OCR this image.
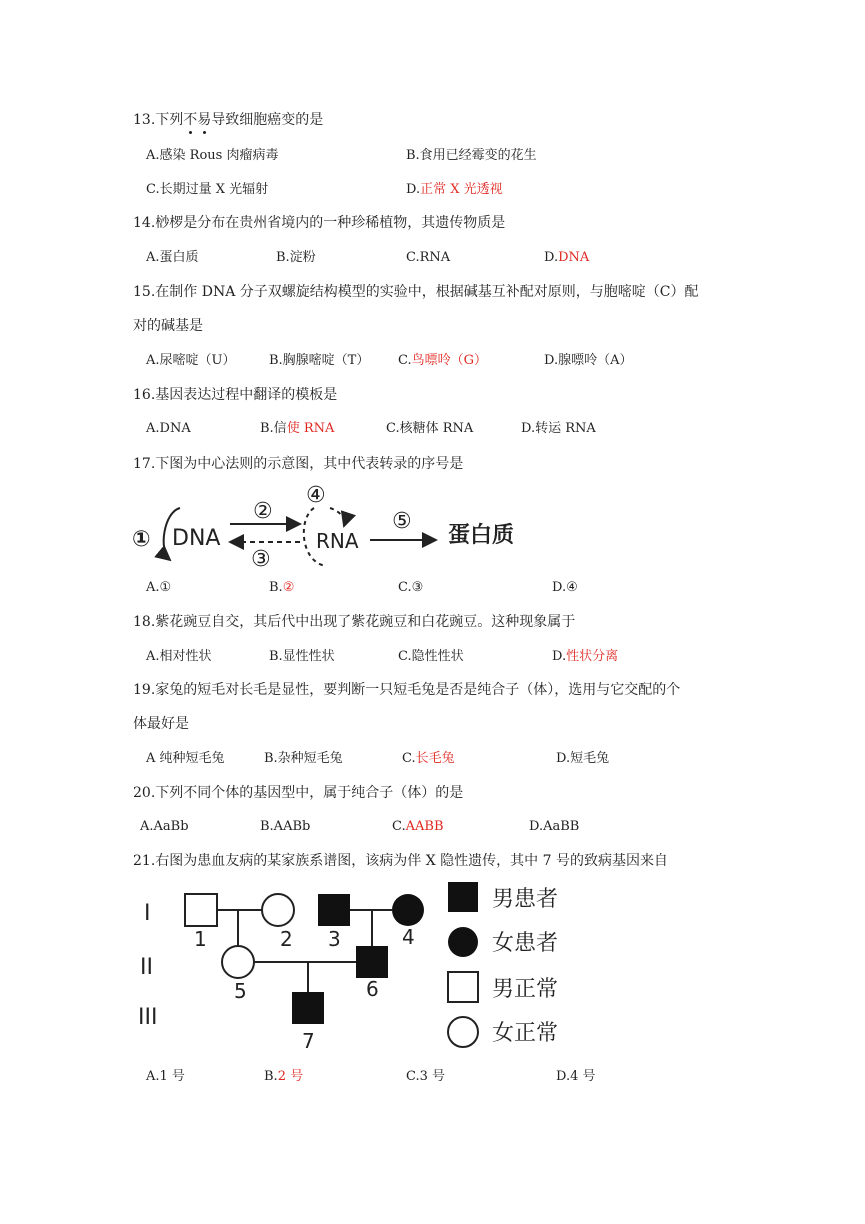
13.下列不易导致细胞癌变的是
A.感染 Rous 肉瘤病毒	B.食用已经霉变的花生
C.长期过量 X 光辐射	D.正常 X 光透视
14.桫椤是分布在贵州省境内的一种珍稀植物，其遗传物质是
A.蛋白质	B.淀粉	C.RNA	D.DNA
15.在制作 DNA 分子双螺旋结构模型的实验中，根据碱基互补配对原则，与胞嘧啶（C）配
对的碱基是
A.尿嘧啶（U）	B.胸腺嘧啶（T） C.鸟嘌呤（G）	D.腺嘌呤（A）
16.基因表达过程中翻译的模板是
A.DNA	B.信使 RNA	C.核糖体 RNA	D.转运 RNA
17.下图为中心法则的示意图，其中代表转录的序号是
① DNA
②
③
④
RNA
⑤
蛋白质
A.①	B.②	C.③	D.④
18.紫花豌豆自交，其后代中出现了紫花豌豆和白花豌豆。这种现象属于
A.相对性状	B.显性性状	C.隐性性状	D.性状分离
19.家兔的短毛对长毛是显性，要判断一只短毛兔是否是纯合子（体），选用与它交配的个
体最好是
A 纯种短毛兔	B.杂种短毛兔	C.长毛兔	D.短毛兔
20.下列不同个体的基因型中，属于纯合子（体）的是
A.AaBb	B.AABb	C.AABB	D.AaBB
21.右图为患血友病的某家族系谱图，该病为伴 X 隐性遗传，其中 7 号的致病基因来自
I
II
III
1	2 3	4
5	6
7
男患者
女患者
男正常
女正常
A.1 号	B.2 号	C.3 号	D.4 号
